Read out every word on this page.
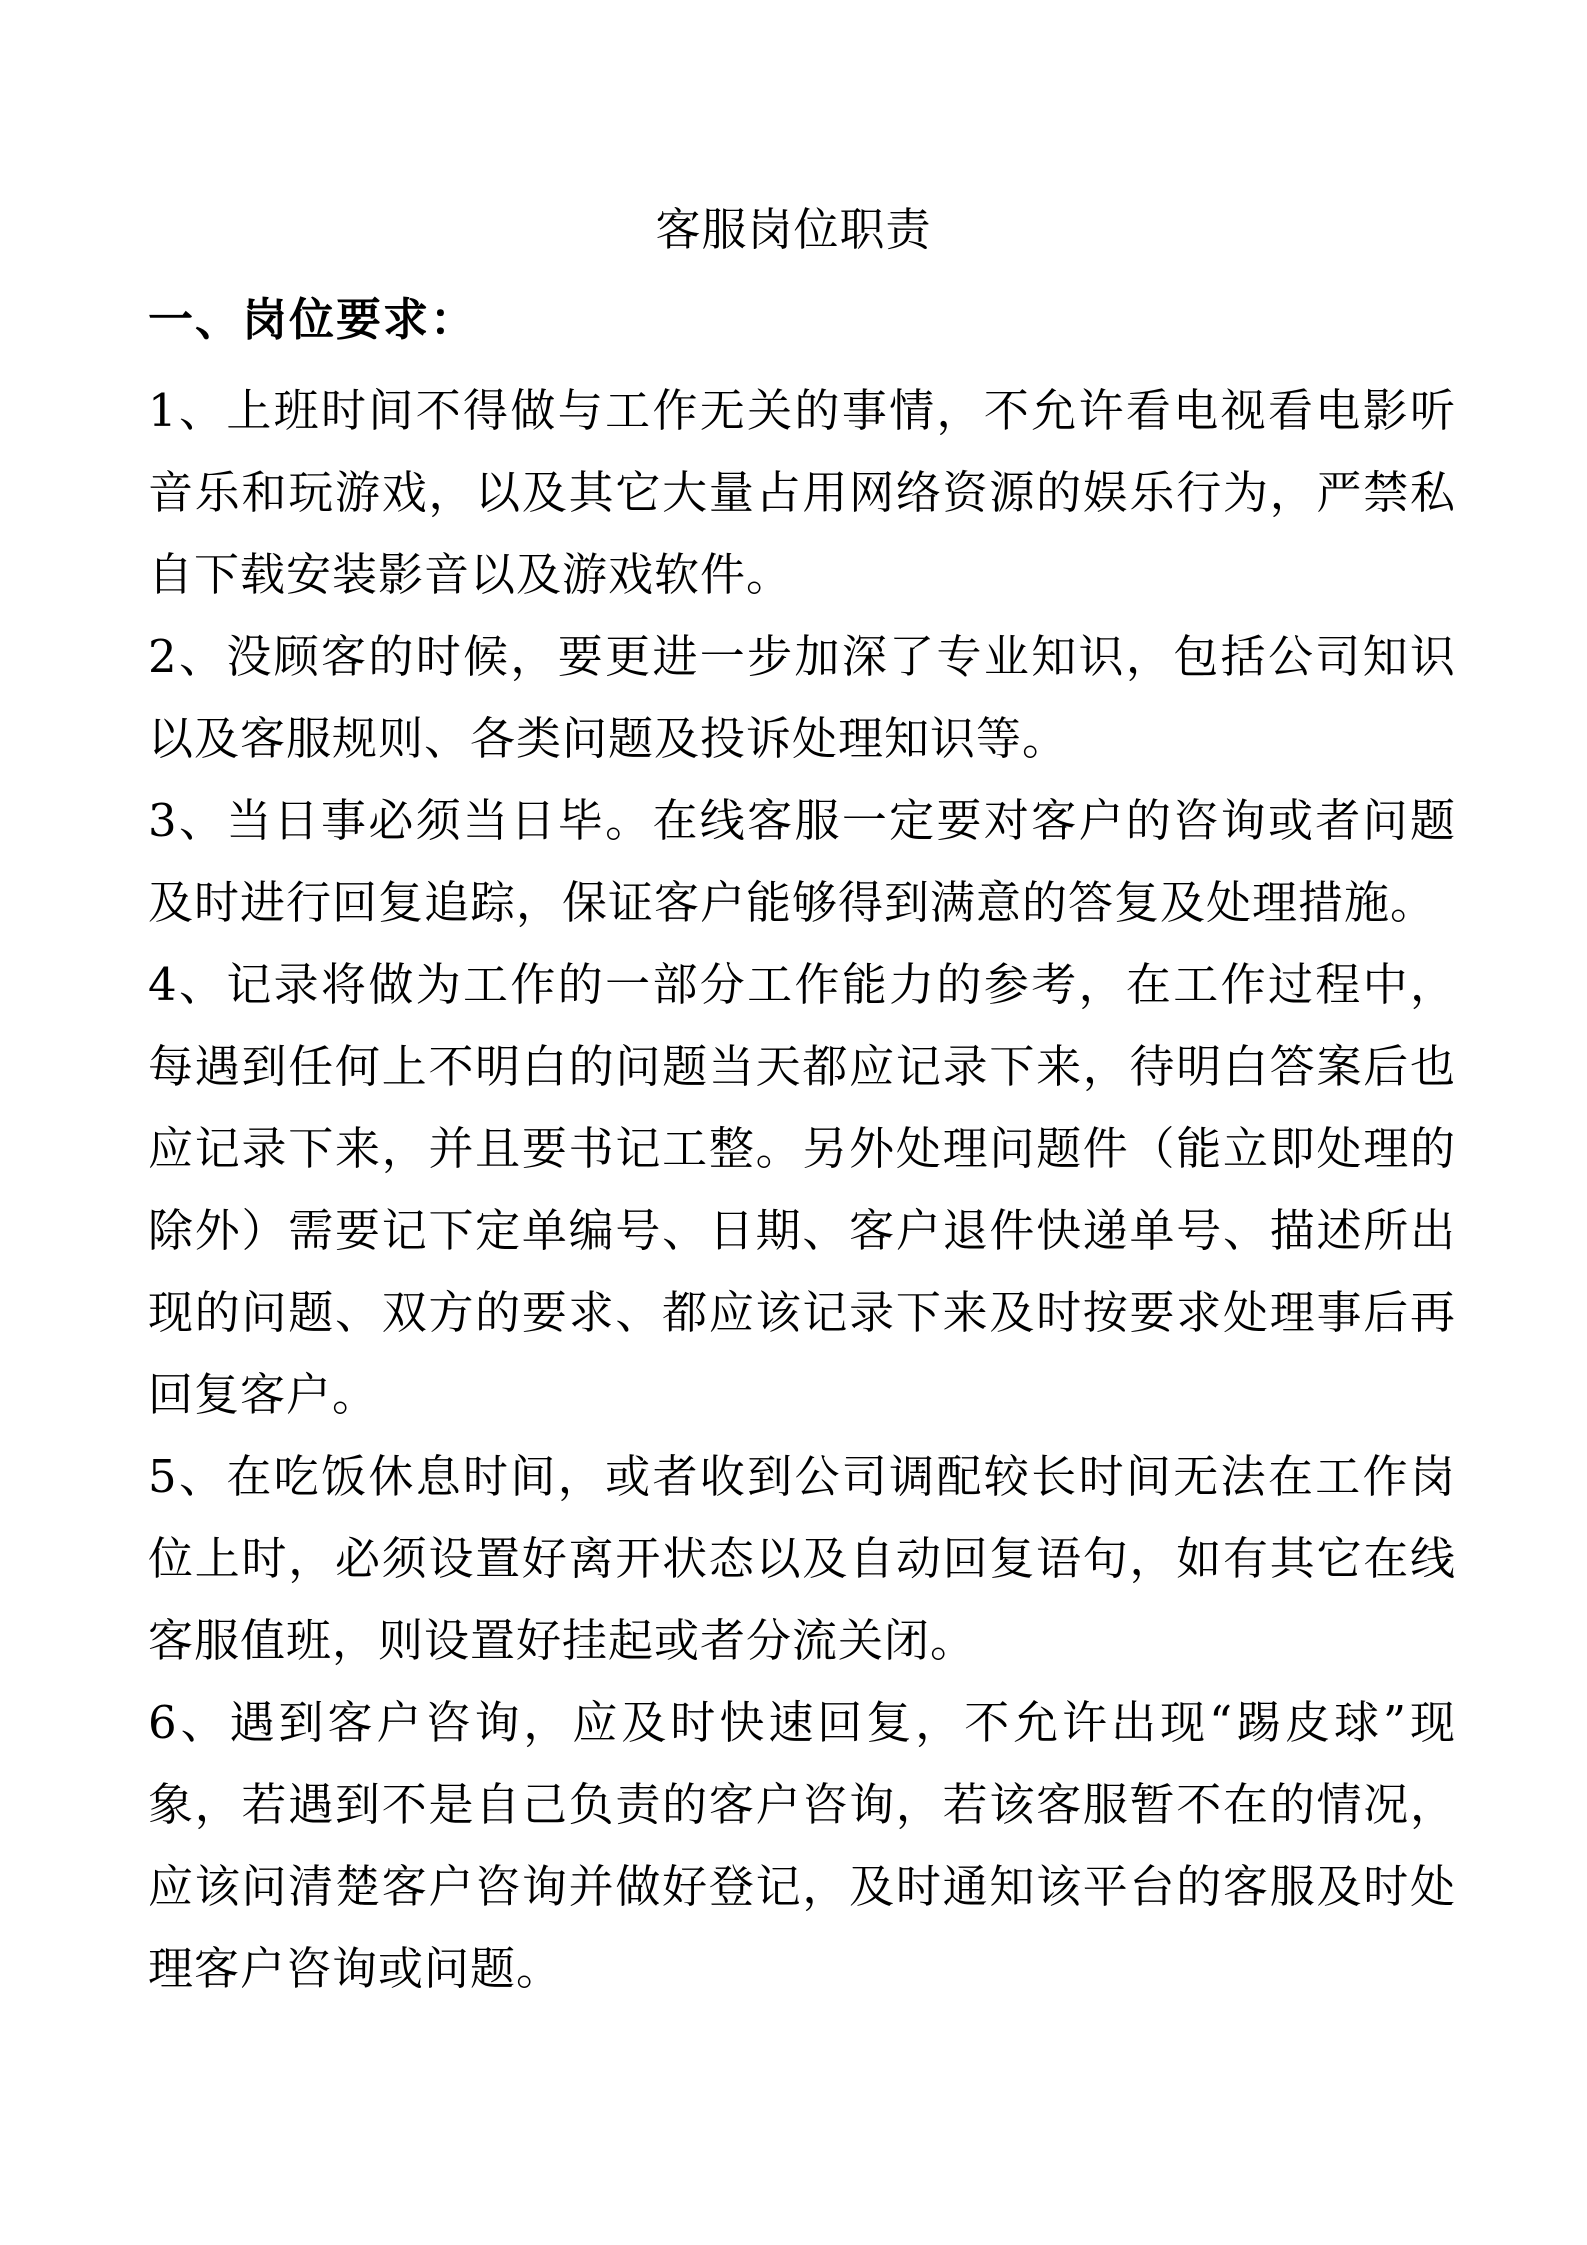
客服岗位职责
一、岗位要求：

1、上班时间不得做与工作无关的事情，不允许看电视看电影听音乐和玩游戏，以及其它大量占用网络资源的娱乐行为，严禁私自下载安装影音以及游戏软件。

2、没顾客的时候，要更进一步加深了专业知识，包括公司知识以及客服规则、各类问题及投诉处理知识等。

3、当日事必须当日毕。在线客服一定要对客户的咨询或者问题及时进行回复追踪，保证客户能够得到满意的答复及处理措施。

4、记录将做为工作的一部分工作能力的参考，在工作过程中，每遇到任何上不明白的问题当天都应记录下来，待明白答案后也应记录下来，并且要书记工整。另外处理问题件（能立即处理的除外）需要记下定单编号、日期、客户退件快递单号、描述所出现的问题、双方的要求、都应该记录下来及时按要求处理事后再回复客户。

5、在吃饭休息时间，或者收到公司调配较长时间无法在工作岗位上时，必须设置好离开状态以及自动回复语句，如有其它在线客服值班，则设置好挂起或者分流关闭。

6、遇到客户咨询，应及时快速回复，不允许出现“踢皮球”现象，若遇到不是自己负责的客户咨询，若该客服暂不在的情况，应该问清楚客户咨询并做好登记，及时通知该平台的客服及时处理客户咨询或问题。
